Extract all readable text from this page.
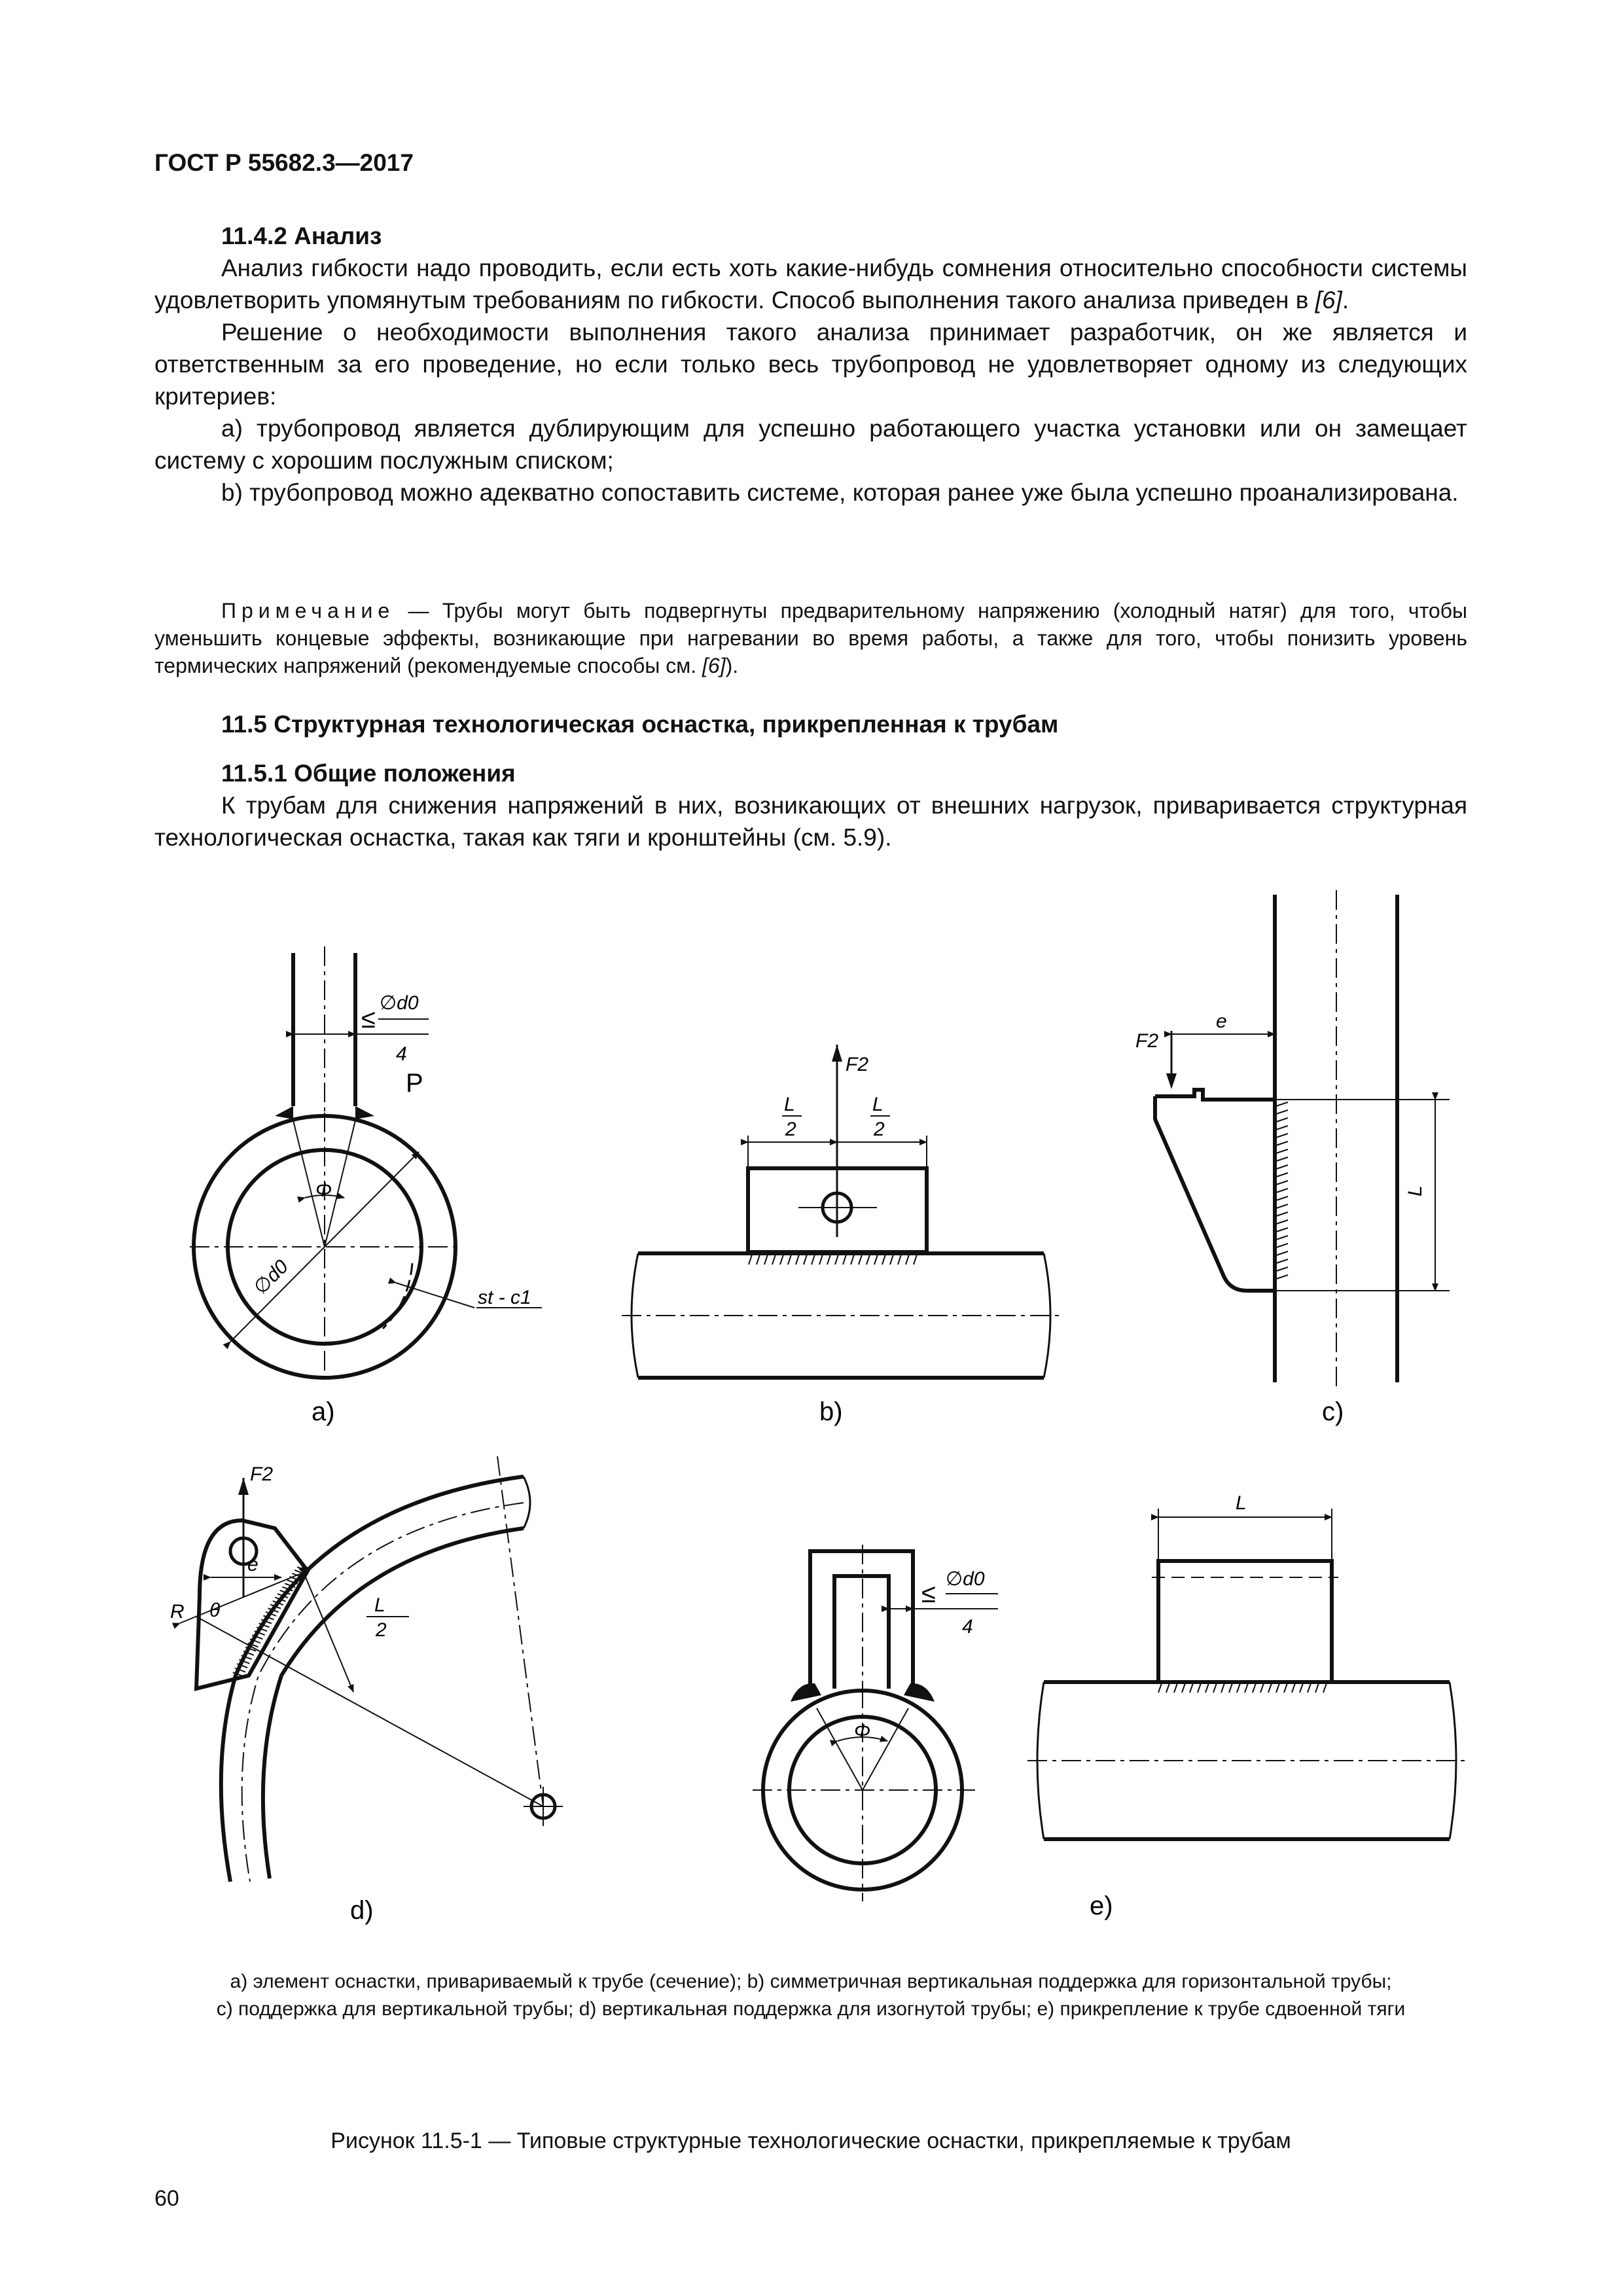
ГОСТ Р 55682.3—2017

11.4.2 Анализ

Анализ гибкости надо проводить, если есть хоть какие-нибудь сомнения относительно способности системы удовлетворить упомянутым требованиям по гибкости. Способ выполнения такого анализа приведен в [6].

Решение о необходимости выполнения такого анализа принимает разработчик, он же является и ответственным за его проведение, но если только весь трубопровод не удовлетворяет одному из следующих критериев:

a) трубопровод является дублирующим для успешно работающего участка установки или он замещает систему с хорошим послужным списком;

b) трубопровод можно адекватно сопоставить системе, которая ранее уже была успешно проанализирована.

Примечание — Трубы могут быть подвергнуты предварительному напряжению (холодный натяг) для того, чтобы уменьшить концевые эффекты, возникающие при нагревании во время работы, а также для того, чтобы понизить уровень термических напряжений (рекомендуемые способы см. [6]).

11.5 Структурная технологическая оснастка, прикрепленная к трубам

11.5.1 Общие положения

К трубам для снижения напряжений в них, возникающих от внешних нагрузок, приваривается структурная технологическая оснастка, такая как тяги и кронштейны (см. 5.9).

≤
∅d0
4
P
Φ
∅d0	st - c1
a)
F2
L
2
L
2
b)
F2
e
L
c)
F2
e
R θ	L
2
d)
≤
∅d0
4
Φ
L
e)
a) элемент оснастки, привариваемый к трубе (сечение); b) симметричная вертикальная поддержка для горизонтальной трубы;
c) поддержка для вертикальной трубы; d) вертикальная поддержка для изогнутой трубы; e) прикрепление к трубе сдвоенной тяги
Рисунок 11.5-1 — Типовые структурные технологические оснастки, прикрепляемые к трубам
60
